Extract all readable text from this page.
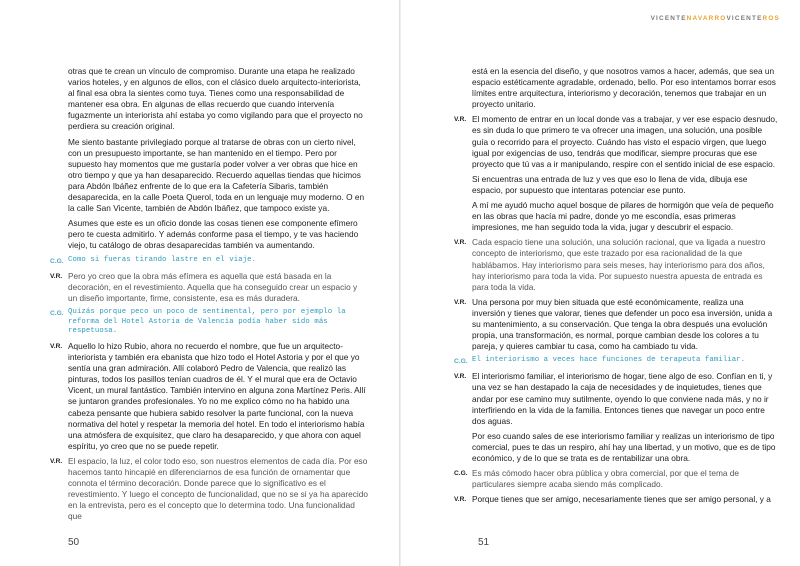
VICENTENAVARROVICENTEROS

otras que te crean un vínculo de compromiso. Durante una etapa he realizado varios hoteles, y en algunos de ellos, con el clásico duelo arquitecto-interiorista, al final esa obra la sientes como tuya. Tienes como una responsabilidad de mantener esa obra. En algunas de ellas recuerdo que cuando intervenía fugazmente un interiorista ahí estaba yo como vigilando para que el proyecto no perdiera su creación original.

Me siento bastante privilegiado porque al tratarse de obras con un cierto nivel, con un presupuesto importante, se han mantenido en el tiempo. Pero por supuesto hay momentos que me gustaría poder volver a ver obras que hice en otro tiempo y que ya han desaparecido. Recuerdo aquellas tiendas que hicimos para Abdón Ibáñez enfrente de lo que era la Cafetería Sibaris, también desaparecida, en la calle Poeta Querol, toda en un lenguaje muy moderno. O en la calle San Vicente, también de Abdón Ibáñez, que tampoco existe ya.

Asumes que este es un oficio donde las cosas tienen ese componente efímero pero te cuesta admitirlo. Y además conforme pasa el tiempo, y te vas haciendo viejo, tu catálogo de obras desaparecidas también va aumentando.

C.G. Como si fueras tirando lastre en el viaje.

V.R. Pero yo creo que la obra más efímera es aquella que está basada en la decoración, en el revestimiento. Aquella que ha conseguido crear un espacio y un diseño importante, firme, consistente, esa es más duradera.

C.G. Quizás porque peco un poco de sentimental, pero por ejemplo la reforma del Hotel Astoria de Valencia podía haber sido más respetuosa.

V.R. Aquello lo hizo Rubio, ahora no recuerdo el nombre, que fue un arquitecto-interiorista y también era ebanista que hizo todo el Hotel Astoria y por el que yo sentía una gran admiración. Allí colaboró Pedro de Valencia, que realizó las pinturas, todos los pasillos tenían cuadros de él. Y el mural que era de Octavio Vicent, un mural fantástico. También intervino en alguna zona Martínez Peris. Allí se juntaron grandes profesionales. Yo no me explico cómo no ha habido una cabeza pensante que hubiera sabido resolver la parte funcional, con la nueva normativa del hotel y respetar la memoria del hotel. En todo el interiorismo había una atmósfera de exquisitez, que claro ha desaparecido, y que ahora con aquel espíritu, yo creo que no se puede repetir.

V.R. El espacio, la luz, el color todo eso, son nuestros elementos de cada día. Por eso hacemos tanto hincapié en diferenciarnos de esa función de ornamentar que connota el término decoración. Donde parece que lo significativo es el revestimiento. Y luego el concepto de funcionalidad, que no se si ya ha aparecido en la entrevista, pero es el concepto que lo determina todo. Una funcionalidad que

está en la esencia del diseño, y que nosotros vamos a hacer, además, que sea un espacio estéticamente agradable, ordenado, bello. Por eso intentamos borrar esos límites entre arquitectura, interiorismo y decoración, tenemos que trabajar en un proyecto unitario.

V.R. El momento de entrar en un local donde vas a trabajar, y ver ese espacio desnudo, es sin duda lo que primero te va ofrecer una imagen, una solución, una posible guía o recorrido para el proyecto. Cuándo has visto el espacio virgen, que luego igual por exigencias de uso, tendrás que modificar, siempre procuras que ese proyecto que tú vas a ir manipulando, respire con el sentido inicial de ese espacio.

Si encuentras una entrada de luz y ves que eso lo llena de vida, dibuja ese espacio, por supuesto que intentaras potenciar ese punto.

A mí me ayudó mucho aquel bosque de pilares de hormigón que veía de pequeño en las obras que hacía mi padre, donde yo me escondía, esas primeras impresiones, me han seguido toda la vida, jugar y descubrir el espacio.

V.R. Cada espacio tiene una solución, una solución racional, que va ligada a nuestro concepto de interiorismo, que este trazado por esa racionalidad de la que hablábamos. Hay interiorismo para seis meses, hay interiorismo para dos años, hay interiorismo para toda la vida. Por supuesto nuestra apuesta de entrada es para toda la vida.

V.R. Una persona por muy bien situada que esté económicamente, realiza una inversión y tienes que valorar, tienes que defender un poco esa inversión, unida a su mantenimiento, a su conservación. Que tenga la obra después una evolución propia, una transformación, es normal, porque cambian desde los colores a tu pareja, y quieres cambiar tu casa, como ha cambiado tu vida.

C.G. El interiorismo a veces hace funciones de terapeuta familiar.

V.R. El interiorismo familiar, el interiorismo de hogar, tiene algo de eso. Confían en ti, y una vez se han destapado la caja de necesidades y de inquietudes, tienes que andar por ese camino muy sutilmente, oyendo lo que conviene nada más, y no ir interfiriendo en la vida de la familia. Entonces tienes que navegar un poco entre dos aguas.

Por eso cuando sales de ese interiorismo familiar y realizas un interiorismo de tipo comercial, pues te das un respiro, ahí hay una libertad, y un motivo, que es de tipo económico, y de lo que se trata es de rentabilizar una obra.

C.G. Es más cómodo hacer obra pública y obra comercial, por que el tema de particulares siempre acaba siendo más complicado.

V.R. Porque tienes que ser amigo, necesariamente tienes que ser amigo personal, y a

50	51
